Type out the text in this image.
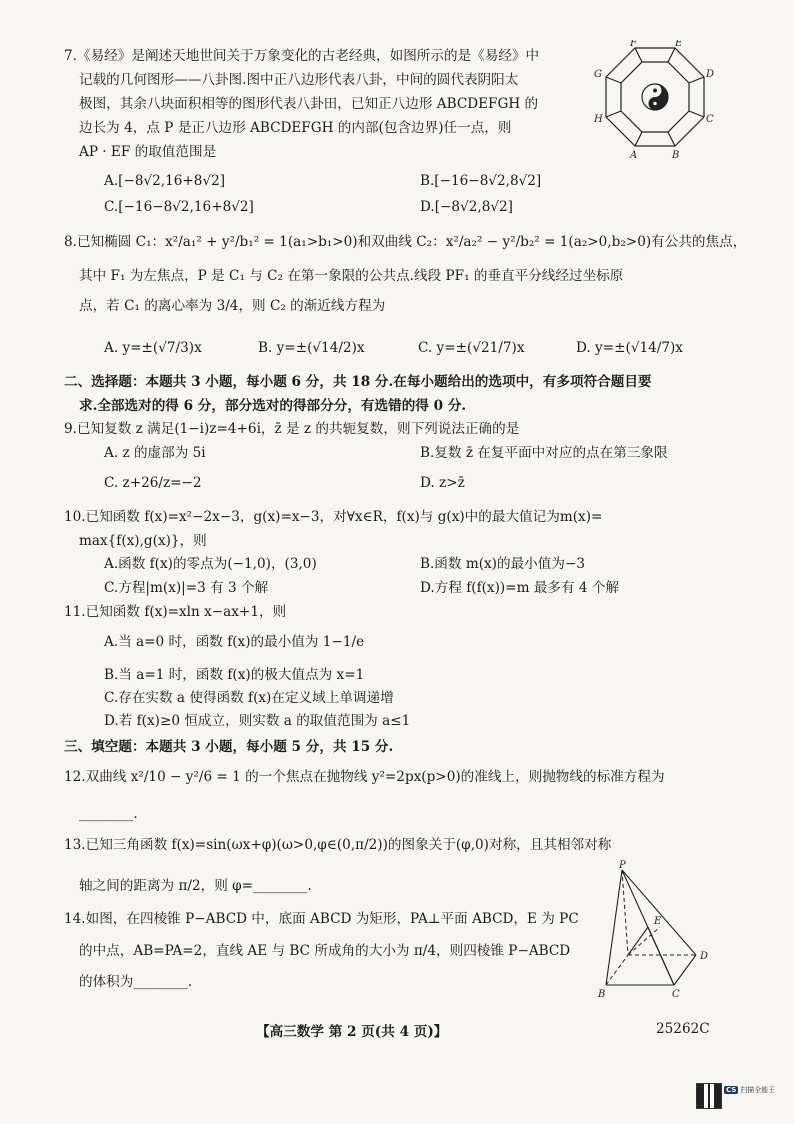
7.《易经》是阐述天地世间关于万象变化的古老经典，如图所示的是《易经》中
记载的几何图形——八卦图.图中正八边形代表八卦，中间的圆代表阴阳太
极图，其余八块面积相等的图形代表八卦田，已知正八边形 ABCDEFGH 的
边长为 4，点 P 是正八边形 ABCDEFGH 的内部(包含边界)任一点，则
AP · EF 的取值范围是
A.[−8√2,16+8√2]	B.[−16−8√2,8√2]
C.[−16−8√2,16+8√2]	D.[−8√2,8√2]
F	E
G	D
H	C
A	B
8.已知椭圆 C₁：x²/a₁² + y²/b₁² = 1(a₁>b₁>0)和双曲线 C₂：x²/a₂² − y²/b₂² = 1(a₂>0,b₂>0)有公共的焦点，
其中 F₁ 为左焦点，P 是 C₁ 与 C₂ 在第一象限的公共点.线段 PF₁ 的垂直平分线经过坐标原
点，若 C₁ 的离心率为 3/4，则 C₂ 的渐近线方程为
A. y=±(√7/3)x	B. y=±(√14/2)x	C. y=±(√21/7)x	D. y=±(√14/7)x
二、选择题：本题共 3 小题，每小题 6 分，共 18 分.在每小题给出的选项中，有多项符合题目要
求.全部选对的得 6 分，部分选对的得部分分，有选错的得 0 分.
9.已知复数 z 满足(1−i)z=4+6i，z̄ 是 z 的共轭复数，则下列说法正确的是
A. z 的虚部为 5i	B.复数 z̄ 在复平面中对应的点在第三象限
C. z+26/z=−2	D. z>z̄
10.已知函数 f(x)=x²−2x−3，g(x)=x−3，对∀x∈R，f(x)与 g(x)中的最大值记为m(x)=
max{f(x),g(x)}，则
A.函数 f(x)的零点为(−1,0)，(3,0)	B.函数 m(x)的最小值为−3
C.方程|m(x)|=3 有 3 个解	D.方程 f(f(x))=m 最多有 4 个解
11.已知函数 f(x)=xln x−ax+1，则
A.当 a=0 时，函数 f(x)的最小值为 1−1/e
B.当 a=1 时，函数 f(x)的极大值点为 x=1
C.存在实数 a 使得函数 f(x)在定义域上单调递增
D.若 f(x)≥0 恒成立，则实数 a 的取值范围为 a≤1
三、填空题：本题共 3 小题，每小题 5 分，共 15 分.
12.双曲线 x²/10 − y²/6 = 1 的一个焦点在抛物线 y²=2px(p>0)的准线上，则抛物线的标准方程为
________.
13.已知三角函数 f(x)=sin(ωx+φ)(ω>0,φ∈(0,π/2))的图象关于(φ,0)对称，且其相邻对称
轴之间的距离为 π/2，则 φ=________.
14.如图，在四棱锥 P−ABCD 中，底面 ABCD 为矩形，PA⊥平面 ABCD，E 为 PC
的中点，AB=PA=2，直线 AE 与 BC 所成角的大小为 π/4，则四棱锥 P−ABCD
的体积为________.
P
E
D
B	C
【高三数学 第 2 页(共 4 页)】	25262C
CS 扫描全能王
